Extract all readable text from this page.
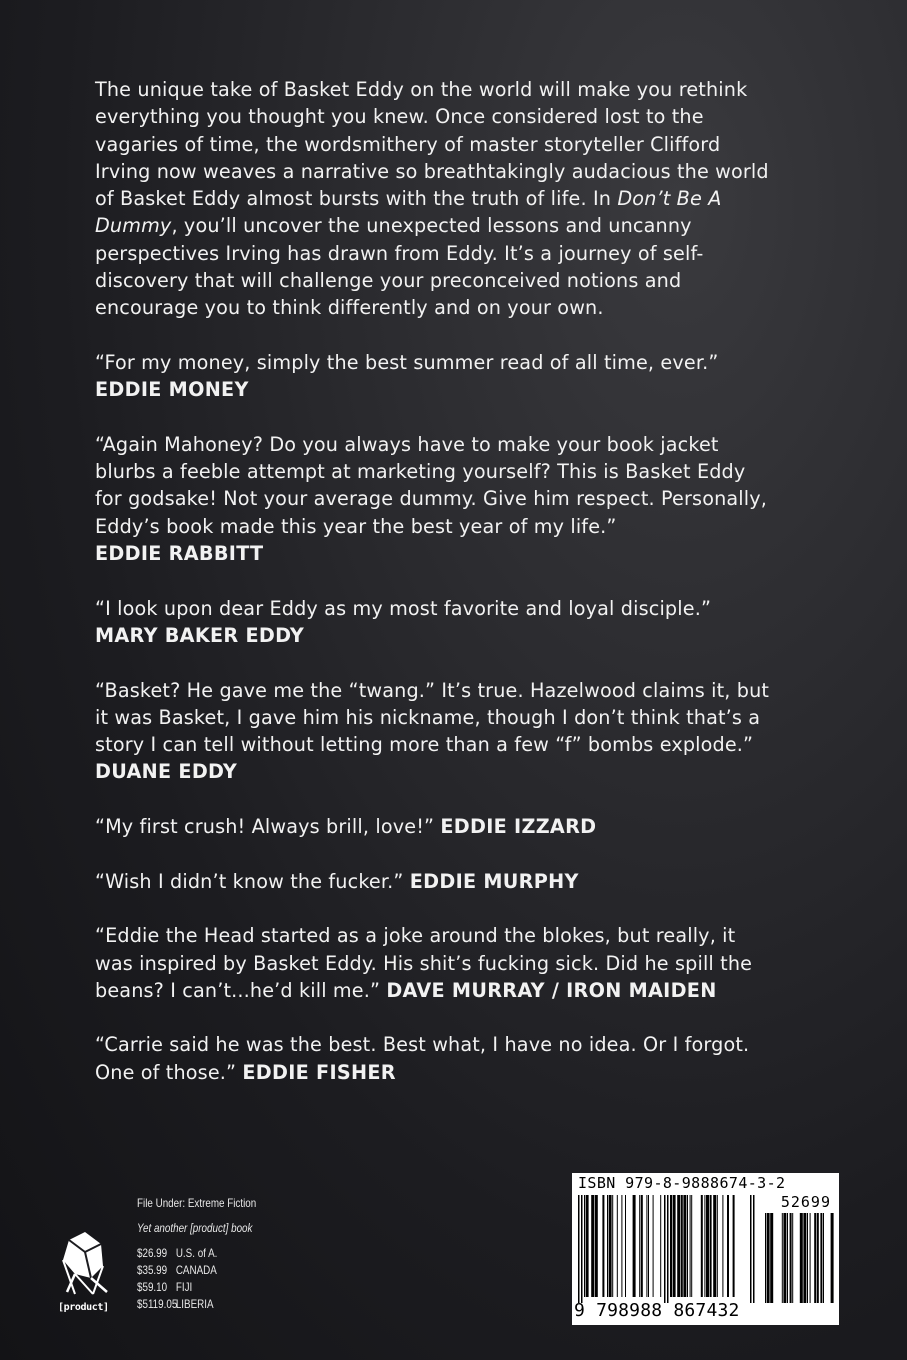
The unique take of Basket Eddy on the world will make you rethink everything you thought you knew. Once considered lost to the vagaries of time, the wordsmithery of master storyteller Clifford Irving now weaves a narrative so breathtakingly audacious the world of Basket Eddy almost bursts with the truth of life. In Don’t Be A Dummy, you’ll uncover the unexpected lessons and uncanny perspectives Irving has drawn from Eddy. It’s a journey of self-discovery that will challenge your preconceived notions and encourage you to think differently and on your own.

“For my money, simply the best summer read of all time, ever.”
EDDIE MONEY

“Again Mahoney? Do you always have to make your book jacket blurbs a feeble attempt at marketing yourself? This is Basket Eddy for godsake! Not your average dummy. Give him respect. Personally, Eddy’s book made this year the best year of my life.”
EDDIE RABBITT

“I look upon dear Eddy as my most favorite and loyal disciple.”
MARY BAKER EDDY

“Basket? He gave me the “twang.” It’s true. Hazelwood claims it, but it was Basket, I gave him his nickname, though I don’t think that’s a story I can tell without letting more than a few “f” bombs explode.” DUANE EDDY

“My first crush! Always brill, love!” EDDIE IZZARD

“Wish I didn’t know the fucker.” EDDIE MURPHY

“Eddie the Head started as a joke around the blokes, but really, it was inspired by Basket Eddy. His shit’s fucking sick. Did he spill the beans? I can’t...he’d kill me.” DAVE MURRAY / IRON MAIDEN

“Carrie said he was the best. Best what, I have no idea. Or I forgot. One of those.” EDDIE FISHER

[product]
File Under: Extreme Fiction
Yet another [product] book
$26.99 U.S. of A.
$35.99 CANADA
$59.10 FIJI
$5119.05 LIBERIA
ISBN 979-8-9888674-3-2
52699
9 798988 867432
